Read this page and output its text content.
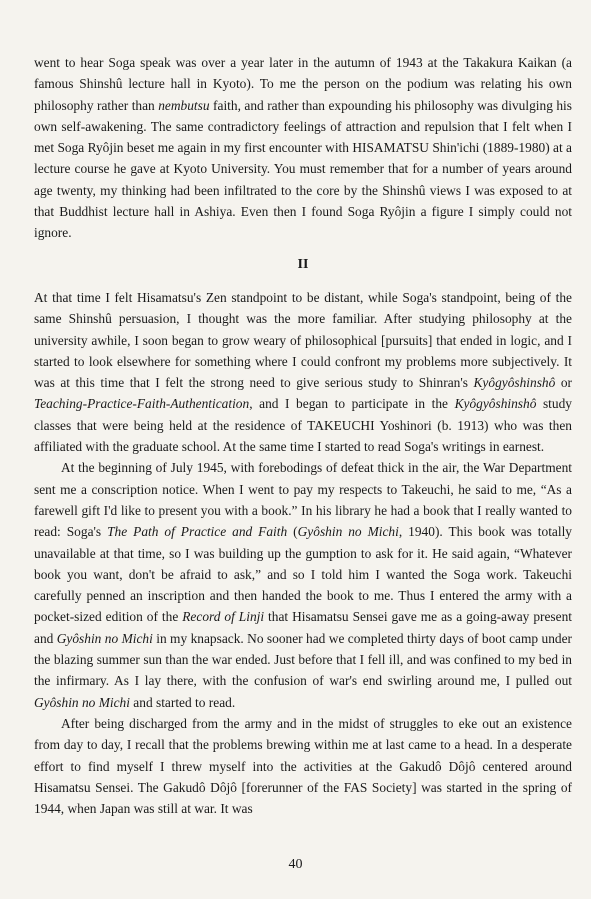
went to hear Soga speak was over a year later in the autumn of 1943 at the Takakura Kaikan (a famous Shinshû lecture hall in Kyoto). To me the person on the podium was relating his own philosophy rather than nembutsu faith, and rather than expounding his philosophy was divulging his own self-awakening. The same contradictory feelings of attraction and repulsion that I felt when I met Soga Ryôjin beset me again in my first encounter with HISAMATSU Shin'ichi (1889-1980) at a lecture course he gave at Kyoto University. You must remember that for a number of years around age twenty, my thinking had been infiltrated to the core by the Shinshû views I was exposed to at that Buddhist lecture hall in Ashiya. Even then I found Soga Ryôjin a figure I simply could not ignore.

II

At that time I felt Hisamatsu's Zen standpoint to be distant, while Soga's standpoint, being of the same Shinshû persuasion, I thought was the more familiar. After studying philosophy at the university awhile, I soon began to grow weary of philosophical [pursuits] that ended in logic, and I started to look elsewhere for something where I could confront my problems more subjectively. It was at this time that I felt the strong need to give serious study to Shinran's Kyôgyôshinshô or Teaching-Practice-Faith-Authentication, and I began to participate in the Kyôgyôshinshô study classes that were being held at the residence of TAKEUCHI Yoshinori (b. 1913) who was then affiliated with the graduate school. At the same time I started to read Soga's writings in earnest.

At the beginning of July 1945, with forebodings of defeat thick in the air, the War Department sent me a conscription notice. When I went to pay my respects to Takeuchi, he said to me, “As a farewell gift I'd like to present you with a book.” In his library he had a book that I really wanted to read: Soga's The Path of Practice and Faith (Gyôshin no Michi, 1940). This book was totally unavailable at that time, so I was building up the gumption to ask for it. He said again, “Whatever book you want, don't be afraid to ask,” and so I told him I wanted the Soga work. Takeuchi carefully penned an inscription and then handed the book to me. Thus I entered the army with a pocket-sized edition of the Record of Linji that Hisamatsu Sensei gave me as a going-away present and Gyôshin no Michi in my knapsack. No sooner had we completed thirty days of boot camp under the blazing summer sun than the war ended. Just before that I fell ill, and was confined to my bed in the infirmary. As I lay there, with the confusion of war's end swirling around me, I pulled out Gyôshin no Michi and started to read.

After being discharged from the army and in the midst of struggles to eke out an existence from day to day, I recall that the problems brewing within me at last came to a head. In a desperate effort to find myself I threw myself into the activities at the Gakudô Dôjô centered around Hisamatsu Sensei. The Gakudô Dôjô [forerunner of the FAS Society] was started in the spring of 1944, when Japan was still at war. It was

40
